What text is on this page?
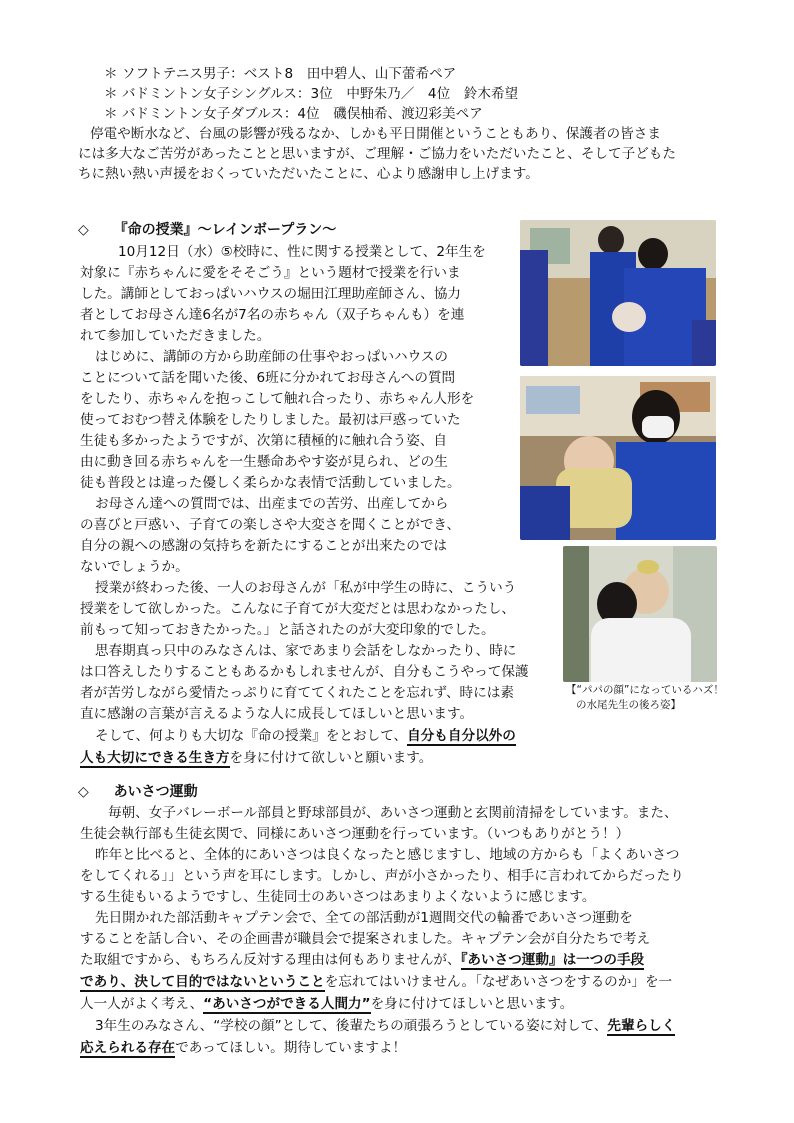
＊ ソフトテニス男子：ベスト8　田中碧人、山下蕾希ペア
＊ バドミントン女子シングルス：3位　中野朱乃／　4位　鈴木希望
＊ バドミントン女子ダブルス：4位　磯俣柚希、渡辺彩美ペア
停電や断水など、台風の影響が残るなか、しかも平日開催ということもあり、保護者の皆さま
には多大なご苦労があったことと思いますが、ご理解・ご協力をいただいたこと、そして子どもた
ちに熱い熱い声援をおくっていただいたことに、心より感謝申し上げます。
◇ 『命の授業』～レインボープラン～
10月12日（水）⑤校時に、性に関する授業として、2年生を
対象に『赤ちゃんに愛をそそごう』という題材で授業を行いま
した。講師としておっぱいハウスの堀田江理助産師さん、協力
者としてお母さん達6名が7名の赤ちゃん（双子ちゃんも）を連
れて参加していただきました。
はじめに、講師の方から助産師の仕事やおっぱいハウスの
ことについて話を聞いた後、6班に分かれてお母さんへの質問
をしたり、赤ちゃんを抱っこして触れ合ったり、赤ちゃん人形を
使っておむつ替え体験をしたりしました。最初は戸惑っていた
生徒も多かったようですが、次第に積極的に触れ合う姿、自
由に動き回る赤ちゃんを一生懸命あやす姿が見られ、どの生
徒も普段とは違った優しく柔らかな表情で活動していました。
お母さん達への質問では、出産までの苦労、出産してから
の喜びと戸惑い、子育ての楽しさや大変さを聞くことができ、
自分の親への感謝の気持ちを新たにすることが出来たのでは
ないでしょうか。
授業が終わった後、一人のお母さんが「私が中学生の時に、こういう
授業をして欲しかった。こんなに子育てが大変だとは思わなかったし、
前もって知っておきたかった。」と話されたのが大変印象的でした。
思春期真っ只中のみなさんは、家であまり会話をしなかったり、時に
は口答えしたりすることもあるかもしれませんが、自分もこうやって保護
者が苦労しながら愛情たっぷりに育ててくれたことを忘れず、時には素
直に感謝の言葉が言えるような人に成長してほしいと思います。
そして、何よりも大切な『命の授業』をとおして、自分も自分以外の
人も大切にできる生き方を身に付けて欲しいと願います。
【“パパの顔”になっているハズ！
の水尾先生の後ろ姿】
◇ あいさつ運動
毎朝、女子バレーボール部員と野球部員が、あいさつ運動と玄関前清掃をしています。また、
生徒会執行部も生徒玄関で、同様にあいさつ運動を行っています。（いつもありがとう！）
昨年と比べると、全体的にあいさつは良くなったと感じますし、地域の方からも「よくあいさつ
をしてくれる」」という声を耳にします。しかし、声が小さかったり、相手に言われてからだったり
する生徒もいるようですし、生徒同士のあいさつはあまりよくないように感じます。
先日開かれた部活動キャプテン会で、全ての部活動が1週間交代の輪番であいさつ運動を
することを話し合い、その企画書が職員会で提案されました。キャプテン会が自分たちで考え
た取組ですから、もちろん反対する理由は何もありませんが、『あいさつ運動』は一つの手段
であり、決して目的ではないということを忘れてはいけません。「なぜあいさつをするのか」を一
人一人がよく考え、“あいさつができる人間力”を身に付けてほしいと思います。
3年生のみなさん、“学校の顔”として、後輩たちの頑張ろうとしている姿に対して、先輩らしく
応えられる存在であってほしい。期待していますよ！
